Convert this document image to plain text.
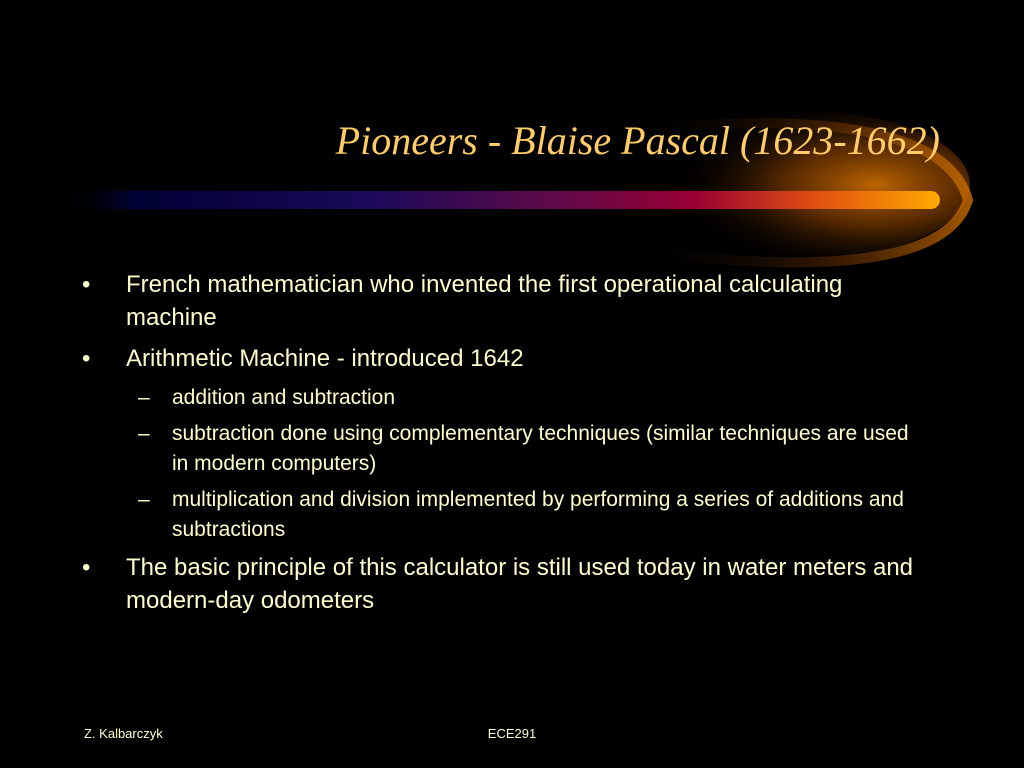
Pioneers - Blaise Pascal (1623-1662)
• French mathematician who invented the first operational calculating machine
• Arithmetic Machine - introduced 1642
– addition and subtraction
– subtraction done using complementary techniques (similar techniques are used in modern computers)
– multiplication and division implemented by performing a series of additions and subtractions
• The basic principle of this calculator is still used today in water meters and modern-day odometers
Z. Kalbarczyk	ECE291
